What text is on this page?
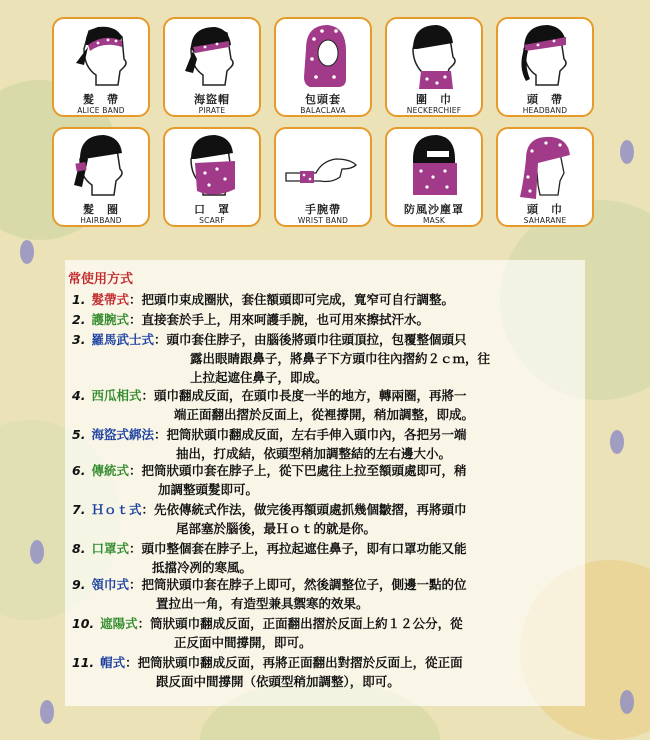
髮　帶
ALICE BAND
海盜帽
PIRATE
包頭套
BALACLAVA
圍　巾
NECKERCHIEF
頭　帶
HEADBAND
髮　圈
HAIRBAND
口　罩
SCARF
手腕帶
WRIST BAND
防風沙塵罩
MASK
頭　巾
SAHARANE
常使用方式
1. 髮帶式：把頭巾束成圈狀，套住額頭即可完成，寬窄可自行調整。
2. 護腕式：直接套於手上，用來呵護手腕，也可用來擦拭汗水。
3. 羅馬武士式：頭巾套住脖子，由腦後將頭巾往頭頂拉，包覆整個頭只
露出眼睛跟鼻子，將鼻子下方頭巾往內摺約２ｃｍ，往
上拉起遮住鼻子，即成。
4. 西瓜相式：頭巾翻成反面，在頭巾長度一半的地方，轉兩圈，再將一
端正面翻出摺於反面上，從裡撐開，稍加調整，即成。
5. 海盜式綁法：把筒狀頭巾翻成反面，左右手伸入頭巾內，各把另一端
抽出，打成結，依頭型稍加調整結的左右邊大小。
6. 傳統式：把筒狀頭巾套在脖子上，從下巴處往上拉至額頭處即可，稍
加調整頭髮即可。
7. Ｈｏｔ式：先依傳統式作法，做完後再額頭處抓幾個皺摺，再將頭巾
尾部塞於腦後，最Ｈｏｔ的就是你。
8. 口罩式：頭巾整個套在脖子上，再拉起遮住鼻子，即有口罩功能又能
抵擋冷冽的寒風。
9. 領巾式：把筒狀頭巾套在脖子上即可，然後調整位子，側邊一點的位
置拉出一角，有造型兼具禦寒的效果。
10. 遮陽式：筒狀頭巾翻成反面，正面翻出摺於反面上約１２公分，從
正反面中間撐開，即可。
11. 帽式：把筒狀頭巾翻成反面，再將正面翻出對摺於反面上，從正面
跟反面中間撐開（依頭型稍加調整），即可。
